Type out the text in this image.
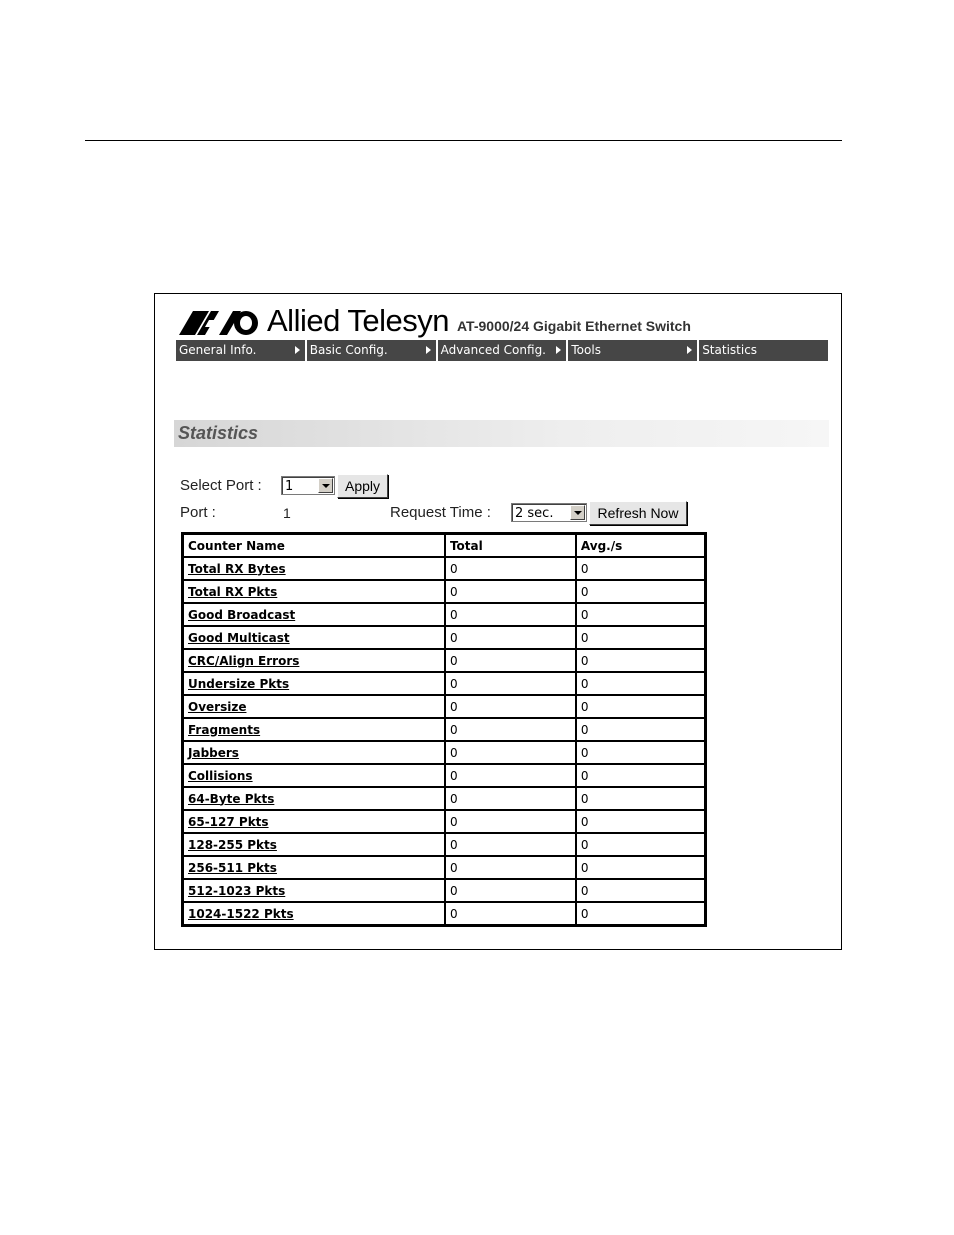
Allied Telesyn AT-9000/24 Gigabit Ethernet Switch
General Info.	Basic Config.	Advanced Config.	Tools	Statistics
Statistics
Select Port :	1	Apply
Port :	1	Request Time :	2 sec.	Refresh Now
Counter Name	Total	Avg./s
Total RX Bytes	0	0
Total RX Pkts	0	0
Good Broadcast	0	0
Good Multicast	0	0
CRC/Align Errors	0	0
Undersize Pkts	0	0
Oversize	0	0
Fragments	0	0
Jabbers	0	0
Collisions	0	0
64-Byte Pkts	0	0
65-127 Pkts	0	0
128-255 Pkts	0	0
256-511 Pkts	0	0
512-1023 Pkts	0	0
1024-1522 Pkts	0	0
